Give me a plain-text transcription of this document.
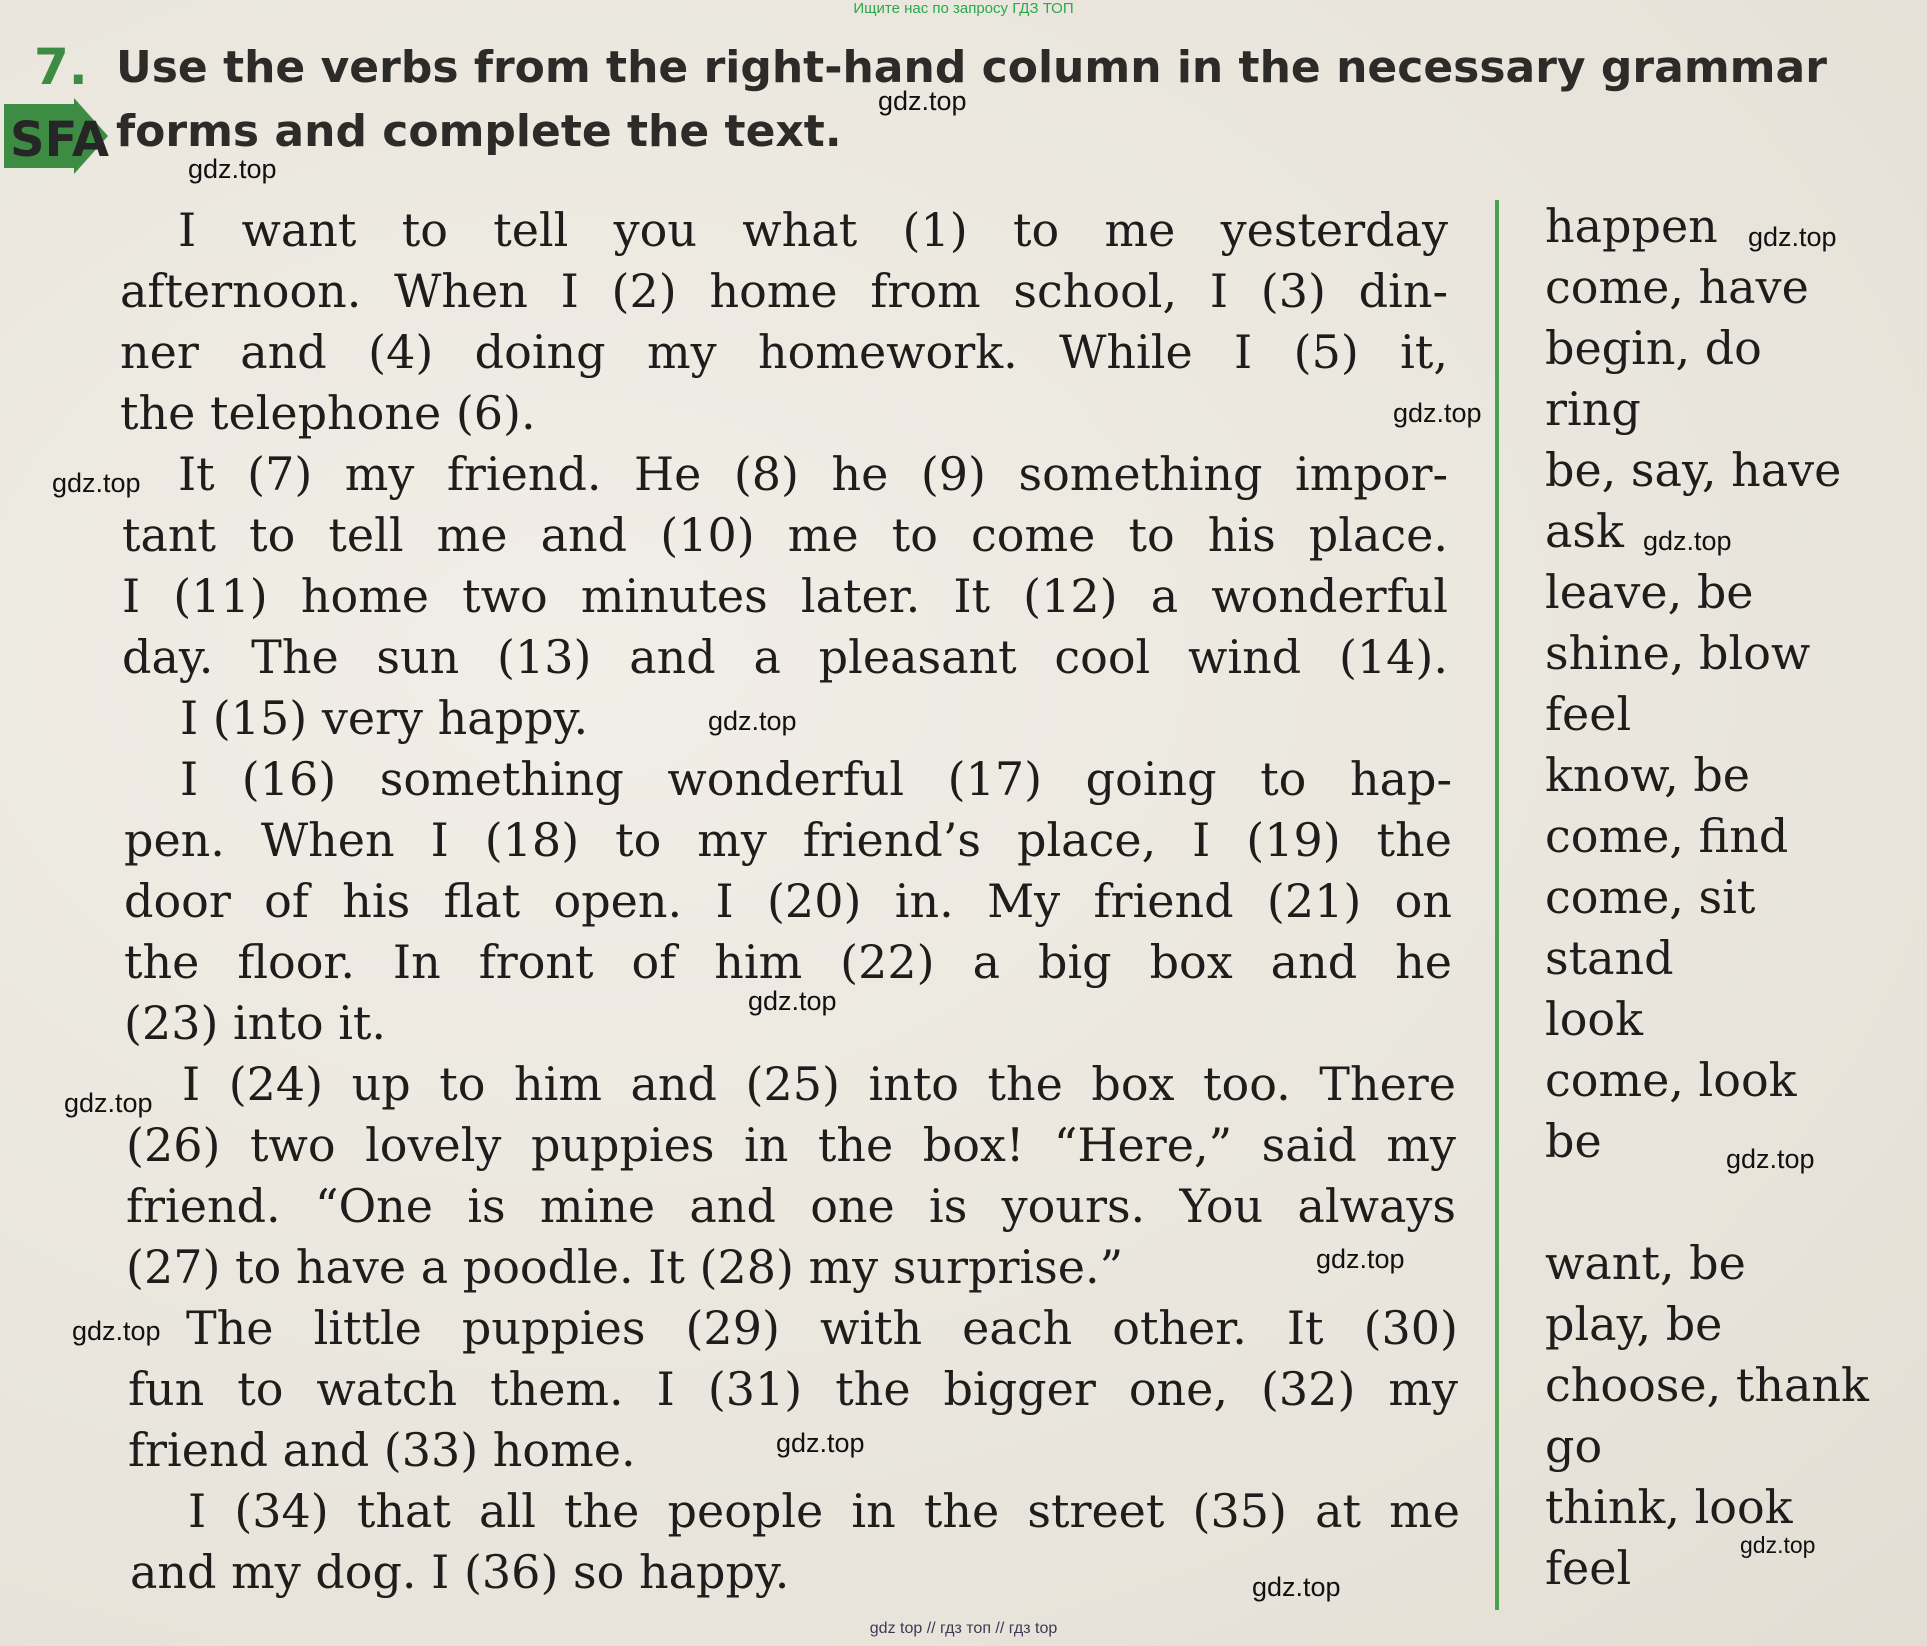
Ищите нас по запросу ГДЗ ТОП
7.
SFA
Use the verbs from the right-hand column in the necessary grammar
forms and complete the text.
I want to tell you what (1) to me yesterday
afternoon. When I (2) home from school, I (3) din-
ner and (4) doing my homework. While I (5) it,
the telephone (6).
It (7) my friend. He (8) he (9) something impor-
tant to tell me and (10) me to come to his place.
I (11) home two minutes later. It (12) a wonderful
day. The sun (13) and a pleasant cool wind (14).
I (15) very happy.
I (16) something wonderful (17) going to hap-
pen. When I (18) to my friend’s place, I (19) the
door of his flat open. I (20) in. My friend (21) on
the floor. In front of him (22) a big box and he
(23) into it.
I (24) up to him and (25) into the box too. There
(26) two lovely puppies in the box! “Here,” said my
friend. “One is mine and one is yours. You always
(27) to have a poodle. It (28) my surprise.”
The little puppies (29) with each other. It (30)
fun to watch them. I (31) the bigger one, (32) my
friend and (33) home.
I (34) that all the people in the street (35) at me
and my dog. I (36) so happy.
happen
come, have
begin, do
ring
be, say, have
ask
leave, be
shine, blow
feel
know, be
come, find
come, sit
stand
look
come, look
be
want, be
play, be
choose, thank
go
think, look
feel
gdz.top
gdz.top
gdz.top
gdz.top
gdz.top
gdz.top
gdz.top
gdz.top
gdz.top
gdz.top
gdz.top
gdz.top
gdz.top
gdz.top
gdz.top
gdz top // гдз топ // гдз top
